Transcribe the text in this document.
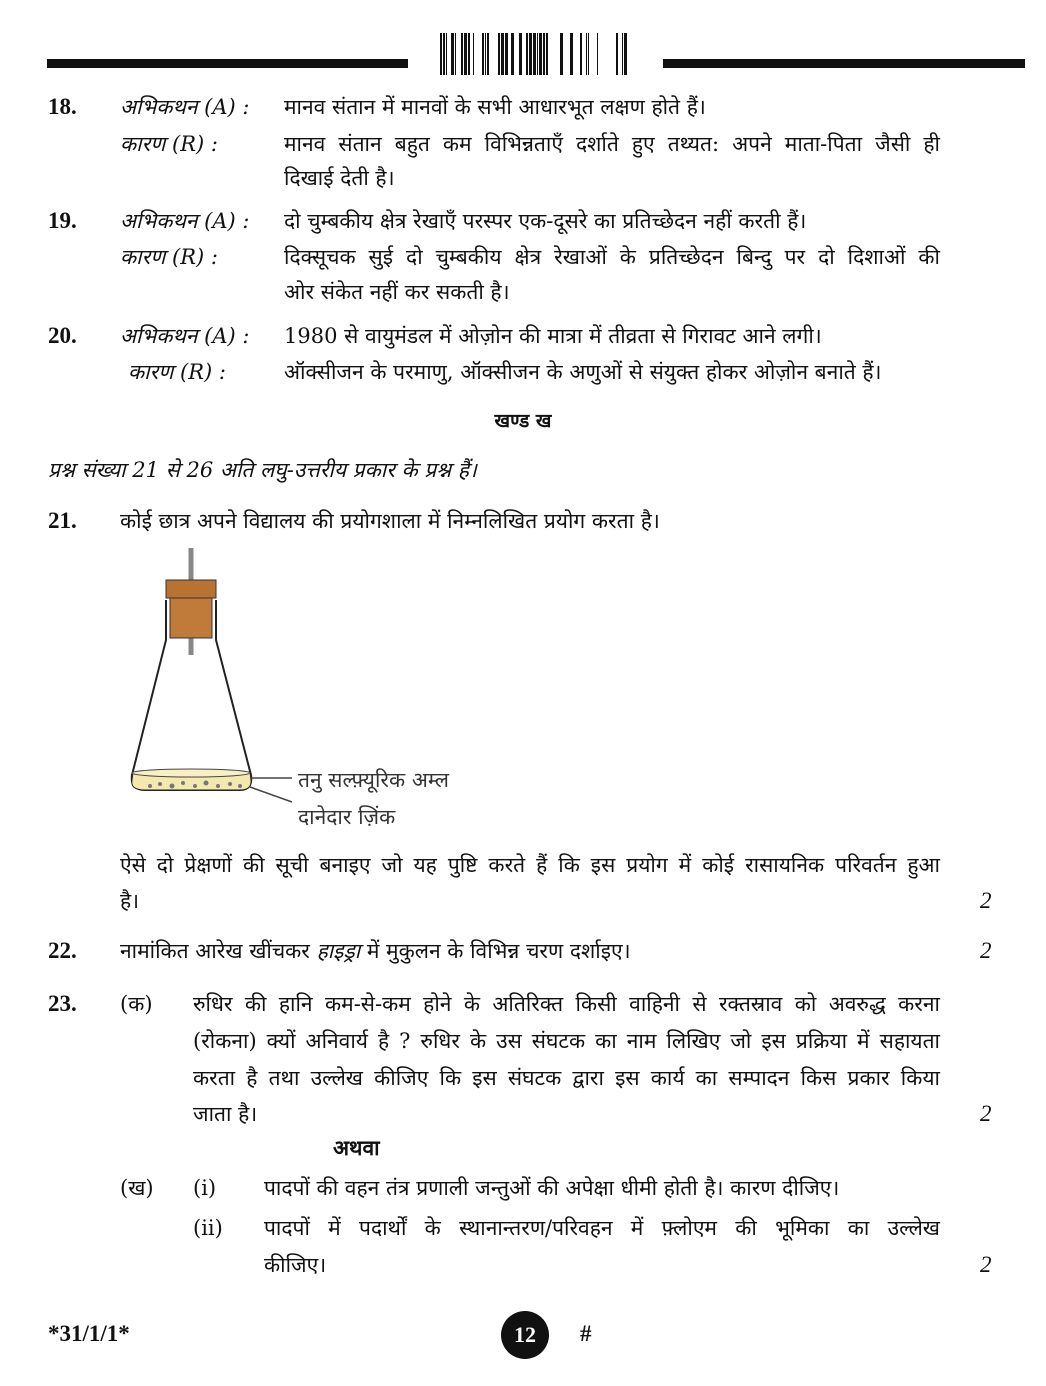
18. अभिकथन (A) : मानव संतान में मानवों के सभी आधारभूत लक्षण होते हैं।
कारण (R) :	मानव संतान बहुत कम विभिन्नताएँ दर्शाते हुए तथ्यत: अपने माता-पिता जैसी ही
दिखाई देती है।
19. अभिकथन (A) : दो चुम्बकीय क्षेत्र रेखाएँ परस्पर एक-दूसरे का प्रतिच्छेदन नहीं करती हैं।
कारण (R) :	दिक्सूचक सुई दो चुम्बकीय क्षेत्र रेखाओं के प्रतिच्छेदन बिन्दु पर दो दिशाओं की
ओर संकेत नहीं कर सकती है।
20. अभिकथन (A) : 1980 से वायुमंडल में ओज़ोन की मात्रा में तीव्रता से गिरावट आने लगी।
कारण (R) :	ऑक्सीजन के परमाणु, ऑक्सीजन के अणुओं से संयुक्त होकर ओज़ोन बनाते हैं।
खण्ड ख
प्रश्न संख्या 21 से 26 अति लघु-उत्तरीय प्रकार के प्रश्न हैं।
21. कोई छात्र अपने विद्यालय की प्रयोगशाला में निम्नलिखित प्रयोग करता है।
तनु सल्फ़्यूरिक अम्ल
दानेदार ज़िंक
ऐसे दो प्रेक्षणों की सूची बनाइए जो यह पुष्टि करते हैं कि इस प्रयोग में कोई रासायनिक परिवर्तन हुआ
है।	2
22. नामांकित आरेख खींचकर हाइड्रा में मुकुलन के विभिन्न चरण दर्शाइए।	2
23. (क) रुधिर की हानि कम-से-कम होने के अतिरिक्त किसी वाहिनी से रक्तस्राव को अवरुद्ध करना
(रोकना) क्यों अनिवार्य है ? रुधिर के उस संघटक का नाम लिखिए जो इस प्रक्रिया में सहायता
करता है तथा उल्लेख कीजिए कि इस संघटक द्वारा इस कार्य का सम्पादन किस प्रकार किया
जाता है।	2
अथवा
(ख) (i) पादपों की वहन तंत्र प्रणाली जन्तुओं की अपेक्षा धीमी होती है। कारण दीजिए।
(ii) पादपों में पदार्थों के स्थानान्तरण/परिवहन में फ़्लोएम की भूमिका का उल्लेख
कीजिए।	2
*31/1/1*	12 #
